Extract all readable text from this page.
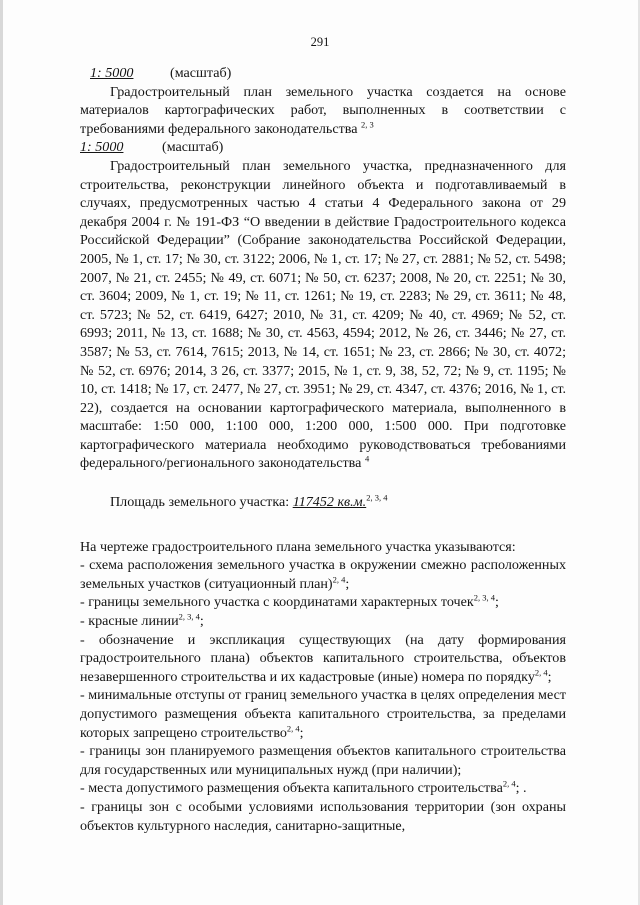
291
1: 5000	(масштаб)

Градостроительный план земельного участка создается на основе материалов картографических работ, выполненных в соответствии с требованиями федерального законодательства $^{2, 3}$

1: 5000	(масштаб)

Градостроительный план земельного участка, предназначенного для строительства, реконструкции линейного объекта и подготавливаемый в случаях, предусмотренных частью 4 статьи 4 Федерального закона от 29 декабря 2004 г. № 191-ФЗ “О введении в действие Градостроительного кодекса Российской Федерации” (Собрание законодательства Российской Федерации, 2005, № 1, ст. 17; № 30, ст. 3122; 2006, № 1, ст. 17; № 27, ст. 2881; № 52, ст. 5498; 2007, № 21, ст. 2455; № 49, ст. 6071; № 50, ст. 6237; 2008, № 20, ст. 2251; № 30, ст. 3604; 2009, № 1, ст. 19; № 11, ст. 1261; № 19, ст. 2283; № 29, ст. 3611; № 48, ст. 5723; № 52, ст. 6419, 6427; 2010, № 31, ст. 4209; № 40, ст. 4969; № 52, ст. 6993; 2011, № 13, ст. 1688; № 30, ст. 4563, 4594; 2012, № 26, ст. 3446; № 27, ст. 3587; № 53, ст. 7614, 7615; 2013, № 14, ст. 1651; № 23, ст. 2866; № 30, ст. 4072; № 52, ст. 6976; 2014, 3 26, ст. 3377; 2015, № 1, ст. 9, 38, 52, 72; № 9, ст. 1195; № 10, ст. 1418; № 17, ст. 2477, № 27, ст. 3951; № 29, ст. 4347, ст. 4376; 2016, № 1, ст. 22), создается на основании картографического материала, выполненного в масштабе: 1:50 000, 1:100 000, 1:200 000, 1:500 000. При подготовке картографического материала необходимо руководствоваться требованиями федерального/регионального законодательства $^4$

Площадь земельного участка: 117452 кв.м.$^{2, 3, 4}$

На чертеже градостроительного плана земельного участка указываются:

- схема расположения земельного участка в окружении смежно расположенных земельных участков (ситуационный план)$^{2, 4}$;

- границы земельного участка с координатами характерных точек$^{2, 3, 4}$;

- красные линии$^{2, 3, 4}$;

- обозначение и экспликация существующих (на дату формирования градостроительного плана) объектов капитального строительства, объектов незавершенного строительства и их кадастровые (иные) номера по порядку$^{2, 4}$;

- минимальные отступы от границ земельного участка в целях определения мест допустимого размещения объекта капитального строительства, за пределами которых запрещено строительство$^{2, 4}$;

- границы зон планируемого размещения объектов капитального строительства для государственных или муниципальных нужд (при наличии);

- места допустимого размещения объекта капитального строительства$^{2, 4}$; .

- границы зон с особыми условиями использования территории (зон охраны объектов культурного наследия, санитарно-защитные,
